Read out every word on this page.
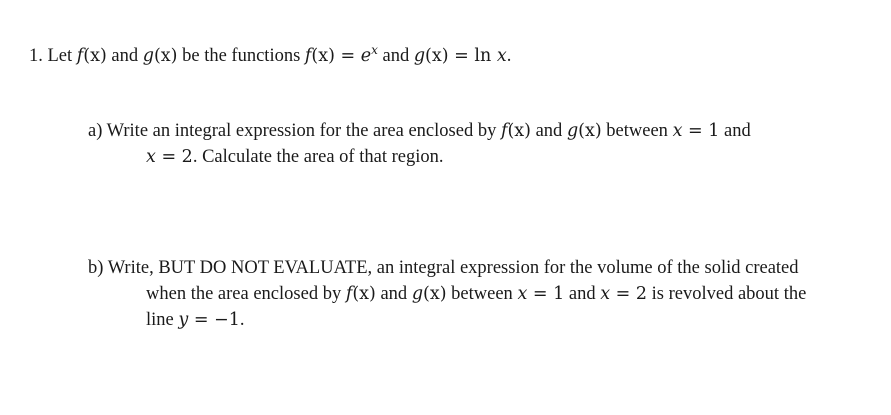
1. Let f(x) and g(x) be the functions $f(x) = e^x$ and g(x) = ln x.
a) Write an integral expression for the area enclosed by f(x) and g(x) between x = 1 and
x = 2. Calculate the area of that region.
b) Write, BUT DO NOT EVALUATE, an integral expression for the volume of the solid created
when the area enclosed by f(x) and g(x) between x = 1 and x = 2 is revolved about the
line y = −1.
